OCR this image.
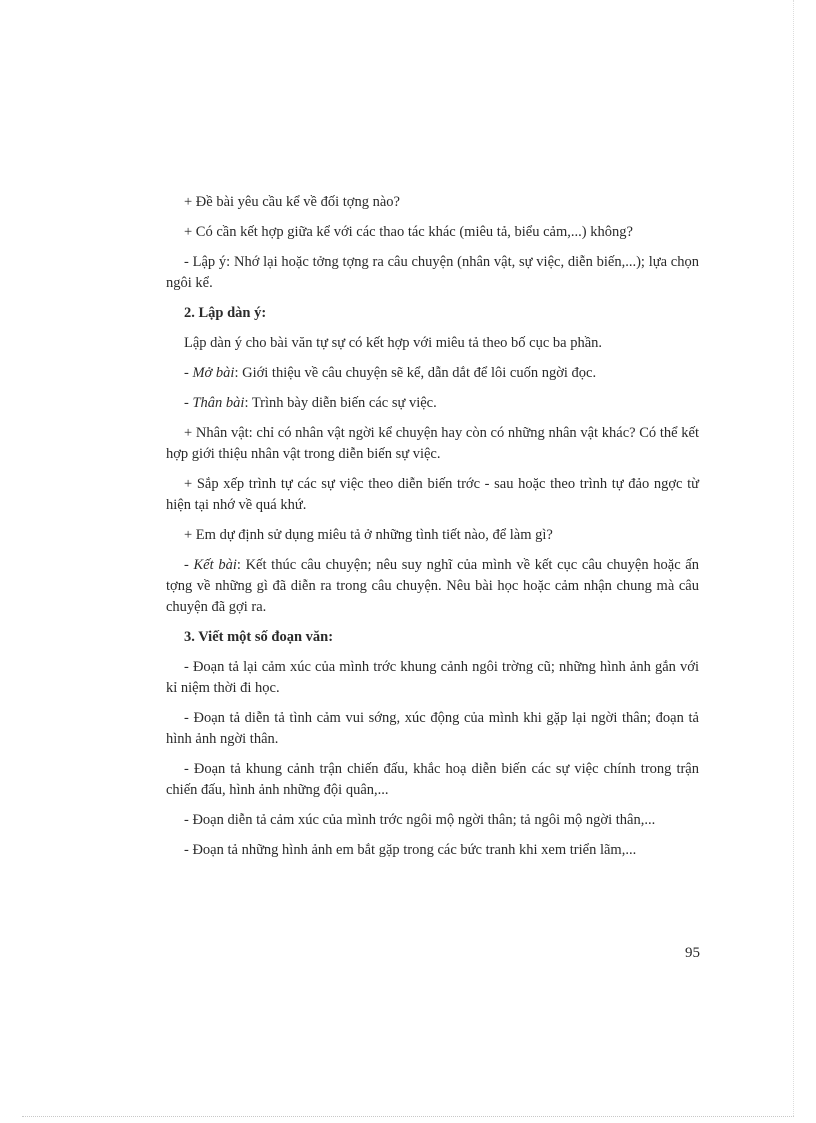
+ Đề bài yêu cầu kể về đối tợng nào?

+ Có cần kết hợp giữa kể với các thao tác khác (miêu tả, biểu cảm,...) không?

- Lập ý: Nhớ lại hoặc tởng tợng ra câu chuyện (nhân vật, sự việc, diễn biến,...); lựa chọn ngôi kể.

2. Lập dàn ý:

Lập dàn ý cho bài văn tự sự có kết hợp với miêu tả theo bố cục ba phần.

- Mở bài: Giới thiệu về câu chuyện sẽ kể, dẫn dắt để lôi cuốn ngời đọc.

- Thân bài: Trình bày diễn biến các sự việc.

+ Nhân vật: chỉ có nhân vật ngời kể chuyện hay còn có những nhân vật khác? Có thể kết hợp giới thiệu nhân vật trong diễn biến sự việc.

+ Sắp xếp trình tự các sự việc theo diễn biến trớc - sau hoặc theo trình tự đảo ngợc từ hiện tại nhớ về quá khứ.

+ Em dự định sử dụng miêu tả ở những tình tiết nào, để làm gì?

- Kết bài: Kết thúc câu chuyện; nêu suy nghĩ của mình về kết cục câu chuyện hoặc ấn tợng về những gì đã diễn ra trong câu chuyện. Nêu bài học hoặc cảm nhận chung mà câu chuyện đã gợi ra.

3. Viết một số đoạn văn:

- Đoạn tả lại cảm xúc của mình trớc khung cảnh ngôi trờng cũ; những hình ảnh gắn với kỉ niệm thời đi học.

- Đoạn tả diễn tả tình cảm vui sớng, xúc động của mình khi gặp lại ngời thân; đoạn tả hình ảnh ngời thân.

- Đoạn tả khung cảnh trận chiến đấu, khắc hoạ diễn biến các sự việc chính trong trận chiến đấu, hình ảnh những đội quân,...

- Đoạn diễn tả cảm xúc của mình trớc ngôi mộ ngời thân; tả ngôi mộ ngời thân,...

- Đoạn tả những hình ảnh em bắt gặp trong các bức tranh khi xem triển lãm,...

95
